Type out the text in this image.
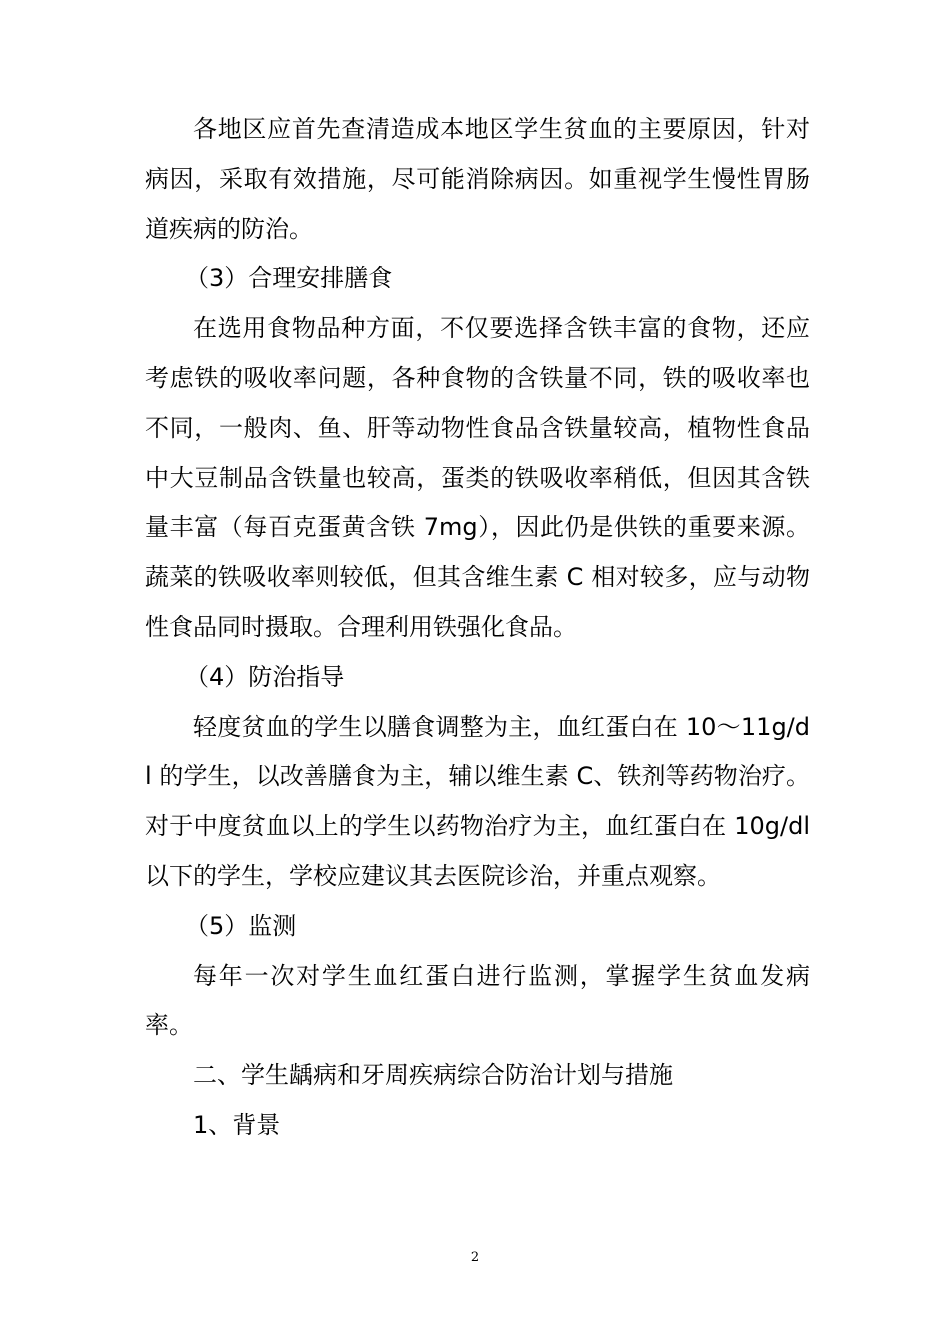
各地区应首先查清造成本地区学生贫血的主要原因，针对病因，采取有效措施，尽可能消除病因。如重视学生慢性胃肠道疾病的防治。

（3）合理安排膳食

在选用食物品种方面，不仅要选择含铁丰富的食物，还应考虑铁的吸收率问题，各种食物的含铁量不同，铁的吸收率也不同，一般肉、鱼、肝等动物性食品含铁量较高，植物性食品中大豆制品含铁量也较高，蛋类的铁吸收率稍低，但因其含铁量丰富（每百克蛋黄含铁 7mg），因此仍是供铁的重要来源。蔬菜的铁吸收率则较低，但其含维生素 C 相对较多，应与动物性食品同时摄取。合理利用铁强化食品。

（4）防治指导

轻度贫血的学生以膳食调整为主，血红蛋白在 10～11g/dl 的学生，以改善膳食为主，辅以维生素 C、铁剂等药物治疗。对于中度贫血以上的学生以药物治疗为主，血红蛋白在 10g/dl 以下的学生，学校应建议其去医院诊治，并重点观察。

（5）监测

每年一次对学生血红蛋白进行监测，掌握学生贫血发病率。

二、学生龋病和牙周疾病综合防治计划与措施

1、背景

2
